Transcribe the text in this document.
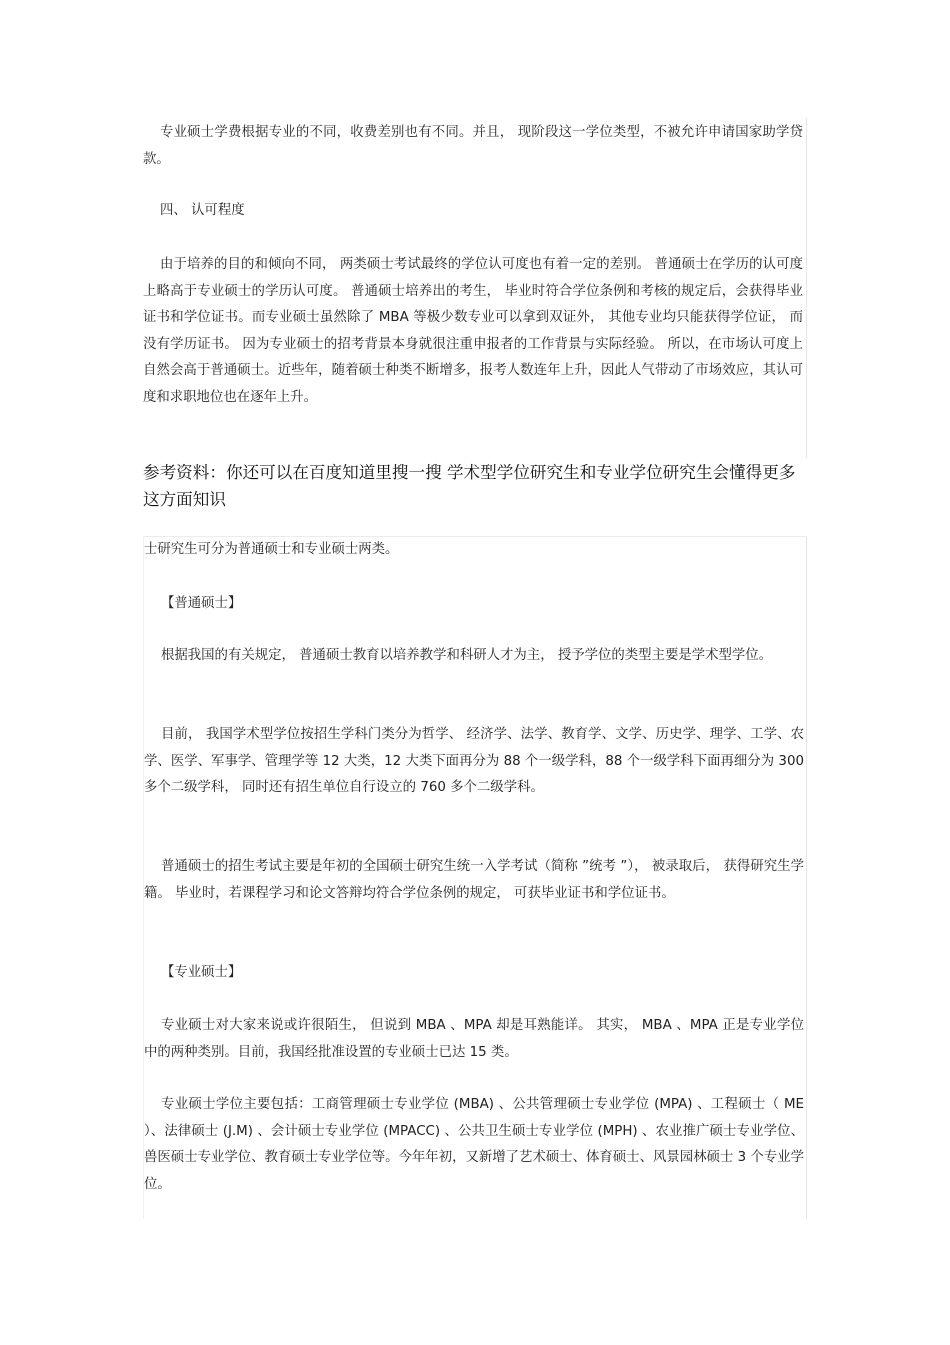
专业硕士学费根据专业的不同，收费差别也有不同。并且， 现阶段这一学位类型，不被允许申请国家助学贷款。

四、 认可程度

由于培养的目的和倾向不同， 两类硕士考试最终的学位认可度也有着一定的差别。 普通硕士在学历的认可度上略高于专业硕士的学历认可度。 普通硕士培养出的考生， 毕业时符合学位条例和考核的规定后，会获得毕业证书和学位证书。而专业硕士虽然除了 MBA 等极少数专业可以拿到双证外， 其他专业均只能获得学位证， 而没有学历证书。 因为专业硕士的招考背景本身就很注重申报者的工作背景与实际经验。 所以，在市场认可度上自然会高于普通硕士。近些年，随着硕士种类不断增多，报考人数连年上升，因此人气带动了市场效应，其认可度和求职地位也在逐年上升。

参考资料：你还可以在百度知道里搜一搜 学术型学位研究生和专业学位研究生会懂得更多这方面知识

士研究生可分为普通硕士和专业硕士两类。

【普通硕士】

根据我国的有关规定， 普通硕士教育以培养教学和科研人才为主， 授予学位的类型主要是学术型学位。

目前， 我国学术型学位按招生学科门类分为哲学、 经济学、法学、教育学、文学、历史学、理学、工学、农学、医学、军事学、管理学等 12 大类，12 大类下面再分为 88 个一级学科，88 个一级学科下面再细分为 300 多个二级学科， 同时还有招生单位自行设立的 760 多个二级学科。

普通硕士的招生考试主要是年初的全国硕士研究生统一入学考试（简称 ”统考 ”）， 被录取后， 获得研究生学籍。 毕业时，若课程学习和论文答辩均符合学位条例的规定， 可获毕业证书和学位证书。

【专业硕士】

专业硕士对大家来说或许很陌生， 但说到 MBA 、MPA 却是耳熟能详。 其实， MBA 、MPA 正是专业学位中的两种类别。目前，我国经批准设置的专业硕士已达 15 类。

专业硕士学位主要包括：工商管理硕士专业学位 (MBA) 、公共管理硕士专业学位 (MPA) 、工程硕士（ ME ）、法律硕士 (J.M) 、会计硕士专业学位 (MPACC) 、公共卫生硕士专业学位 (MPH) 、农业推广硕士专业学位、兽医硕士专业学位、教育硕士专业学位等。今年年初，又新增了艺术硕士、体育硕士、风景园林硕士 3 个专业学位。
